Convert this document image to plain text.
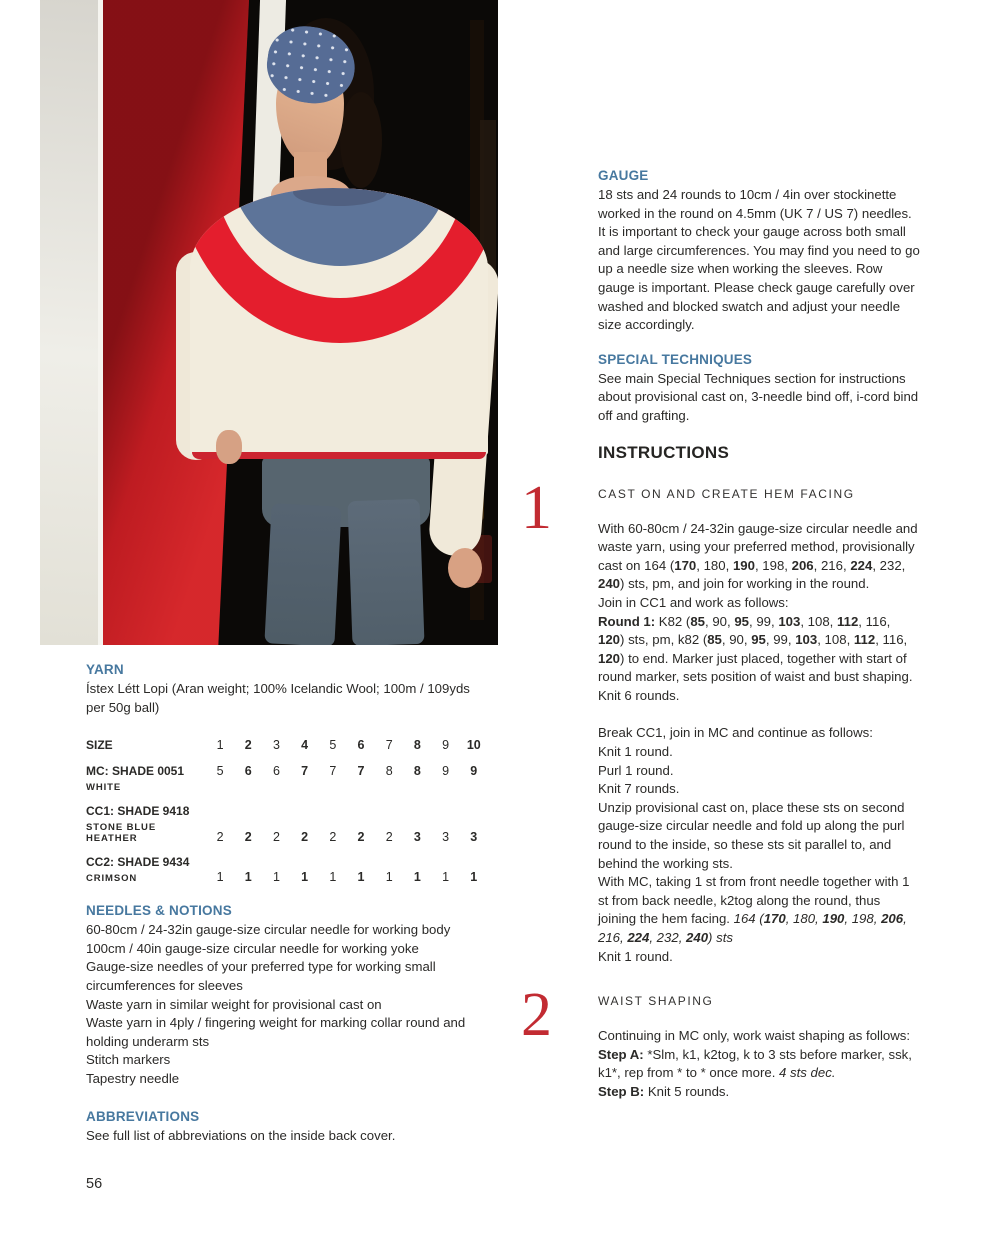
YARN

Ístex Létt Lopi (Aran weight; 100% Icelandic Wool; 100m / 109yds per 50g ball)

SIZE	1	2	3	4	5	6	7	8	9	10
MC: SHADE 0051
WHITE
5	6	6	7	7	7	8	8	9	9
CC1: SHADE 9418
STONE BLUE HEATHER	2	2	2	2	2	2	2	3	3	3
CC2: SHADE 9434
CRIMSON	1	1	1	1	1	1	1	1	1	1
NEEDLES & NOTIONS
60-80cm / 24-32in gauge-size circular needle for working body
100cm / 40in gauge-size circular needle for working yoke
Gauge-size needles of your preferred type for working small circumferences for sleeves
Waste yarn in similar weight for provisional cast on
Waste yarn in 4ply / fingering weight for marking collar round and holding underarm sts
Stitch markers
Tapestry needle
ABBREVIATIONS

See full list of abbreviations on the inside back cover.

GAUGE

18 sts and 24 rounds to 10cm / 4in over stockinette worked in the round on 4.5mm (UK 7 / US 7) needles. It is important to check your gauge across both small and large circumferences. You may find you need to go up a needle size when working the sleeves. Row gauge is important. Please check gauge carefully over washed and blocked swatch and adjust your needle size accordingly.

SPECIAL TECHNIQUES

See main Special Techniques section for instructions about provisional cast on, 3-needle bind off, i-cord bind off and grafting.

INSTRUCTIONS
1	CAST ON AND CREATE HEM FACING
With 60-80cm / 24-32in gauge-size circular needle and waste yarn, using your preferred method, provisionally cast on 164 (170, 180, 190, 198, 206, 216, 224, 232, 240) sts, pm, and join for working in the round.
Join in CC1 and work as follows:
Round 1: K82 (85, 90, 95, 99, 103, 108, 112, 116, 120) sts, pm, k82 (85, 90, 95, 99, 103, 108, 112, 116, 120) to end. Marker just placed, together with start of round marker, sets position of waist and bust shaping.
Knit 6 rounds.
Break CC1, join in MC and continue as follows:
Knit 1 round.
Purl 1 round.
Knit 7 rounds.
Unzip provisional cast on, place these sts on second gauge-size circular needle and fold up along the purl round to the inside, so these sts sit parallel to, and behind the working sts.
With MC, taking 1 st from front needle together with 1 st from back needle, k2tog along the round, thus joining the hem facing. 164 (170, 180, 190, 198, 206, 216, 224, 232, 240) sts
Knit 1 round.
2	WAIST SHAPING
Continuing in MC only, work waist shaping as follows:
Step A: *Slm, k1, k2tog, k to 3 sts before marker, ssk, k1*, rep from * to * once more. 4 sts dec.
Step B: Knit 5 rounds.
56
